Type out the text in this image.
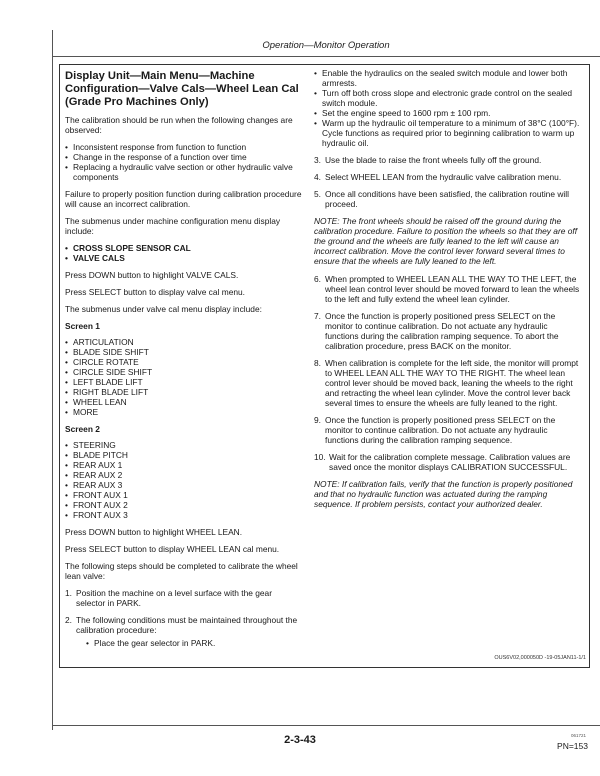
Operation—Monitor Operation
Display Unit—Main Menu—Machine Configuration—Valve Cals—Wheel Lean Cal (Grade Pro Machines Only)

The calibration should be run when the following changes are observed:

• Inconsistent response from function to function
• Change in the response of a function over time
• Replacing a hydraulic valve section or other hydraulic valve components

Failure to properly position function during calibration procedure will cause an incorrect calibration.

The submenus under machine configuration menu display include:

• CROSS SLOPE SENSOR CAL
• VALVE CALS

Press DOWN button to highlight VALVE CALS.

Press SELECT button to display valve cal menu.

The submenus under valve cal menu display include:

Screen 1
• ARTICULATION
• BLADE SIDE SHIFT
• CIRCLE ROTATE
• CIRCLE SIDE SHIFT
• LEFT BLADE LIFT
• RIGHT BLADE LIFT
• WHEEL LEAN
• MORE
Screen 2
• STEERING
• BLADE PITCH
• REAR AUX 1
• REAR AUX 2
• REAR AUX 3
• FRONT AUX 1
• FRONT AUX 2
• FRONT AUX 3

Press DOWN button to highlight WHEEL LEAN.

Press SELECT button to display WHEEL LEAN cal menu.

The following steps should be completed to calibrate the wheel lean valve:

1. Position the machine on a level surface with the gear selector in PARK.
2. The following conditions must be maintained throughout the calibration procedure:
• Place the gear selector in PARK.
• Enable the hydraulics on the sealed switch module and lower both armrests.
• Turn off both cross slope and electronic grade control on the sealed switch module.
• Set the engine speed to 1600 rpm ± 100 rpm.
• Warm up the hydraulic oil temperature to a minimum of 38°C (100°F). Cycle functions as required prior to beginning calibration to warm up hydraulic oil.
3. Use the blade to raise the front wheels fully off the ground.
4. Select WHEEL LEAN from the hydraulic valve calibration menu.
5. Once all conditions have been satisfied, the calibration routine will proceed.
NOTE: The front wheels should be raised off the ground during the calibration procedure. Failure to position the wheels so that they are off the ground and the wheels are fully leaned to the left will cause an incorrect calibration. Move the control lever forward several times to ensure that the wheels are fully leaned to the left.
6. When prompted to WHEEL LEAN ALL THE WAY TO THE LEFT, the wheel lean control lever should be moved forward to lean the wheels to the left and fully extend the wheel lean cylinder.
7. Once the function is properly positioned press SELECT on the monitor to continue calibration. Do not actuate any hydraulic functions during the calibration ramping sequence. To abort the calibration procedure, press BACK on the monitor.
8. When calibration is complete for the left side, the monitor will prompt to WHEEL LEAN ALL THE WAY TO THE RIGHT. The wheel lean control lever should be moved back, leaning the wheels to the right and retracting the wheel lean cylinder. Move the control lever back several times to ensure the wheels are fully leaned to the right.
9. Once the function is properly positioned press SELECT on the monitor to continue calibration. Do not actuate any hydraulic functions during the calibration ramping sequence.
10. Wait for the calibration complete message. Calibration values are saved once the monitor displays CALIBRATION SUCCESSFUL.
NOTE: If calibration fails, verify that the function is properly positioned and that no hydraulic function was actuated during the ramping sequence. If problem persists, contact your authorized dealer.
OUS6V02,000050D -19-05JAN11-1/1
2-3-43	061721
PN=153
